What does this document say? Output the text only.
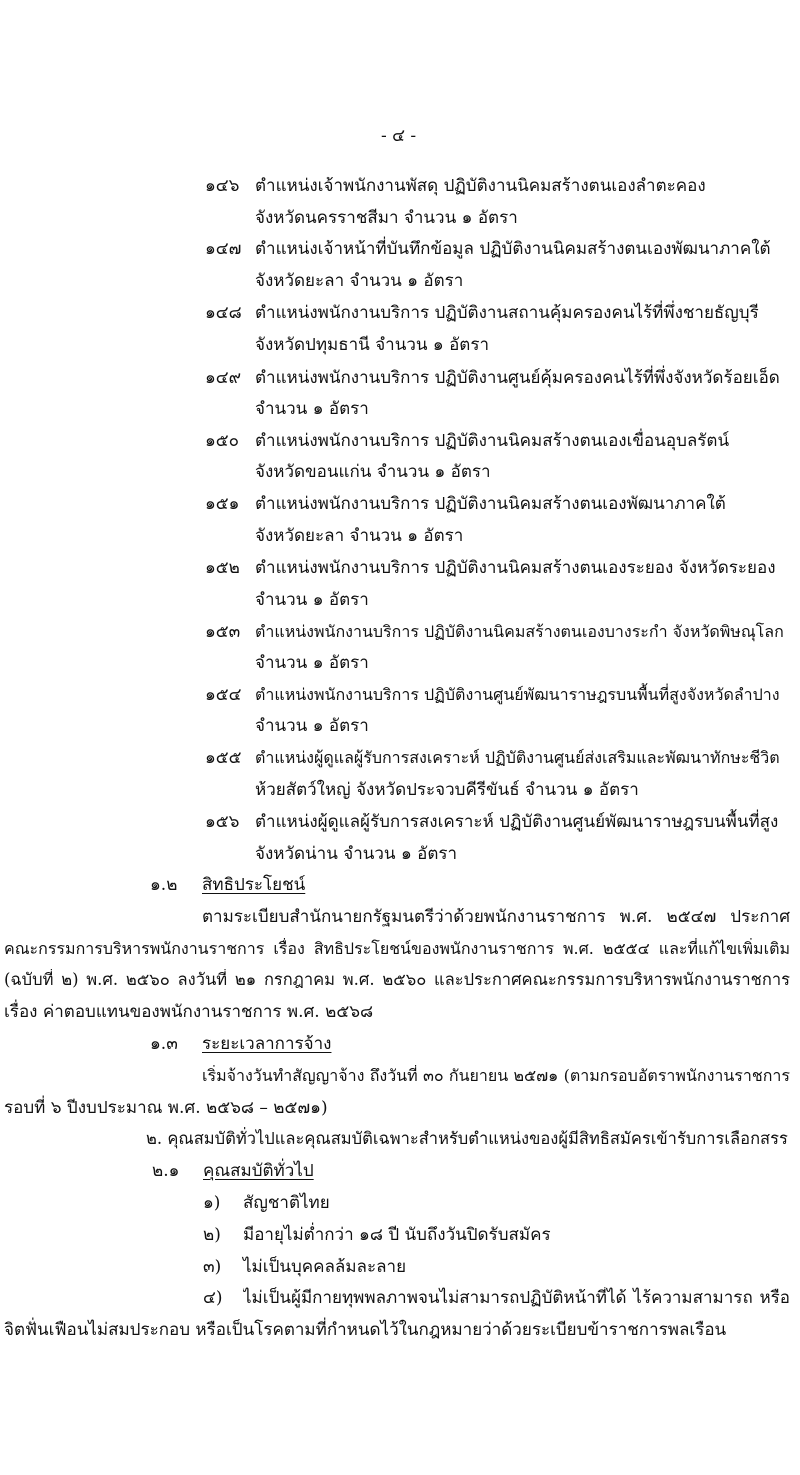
- ๔ -
๑๔๖ ตำแหน่งเจ้าพนักงานพัสดุ ปฏิบัติงานนิคมสร้างตนเองลำตะคอง
จังหวัดนครราชสีมา จำนวน ๑ อัตรา
๑๔๗ ตำแหน่งเจ้าหน้าที่บันทึกข้อมูล ปฏิบัติงานนิคมสร้างตนเองพัฒนาภาคใต้
จังหวัดยะลา จำนวน ๑ อัตรา
๑๔๘ ตำแหน่งพนักงานบริการ ปฏิบัติงานสถานคุ้มครองคนไร้ที่พึ่งชายธัญบุรี
จังหวัดปทุมธานี จำนวน ๑ อัตรา
๑๔๙ ตำแหน่งพนักงานบริการ ปฏิบัติงานศูนย์คุ้มครองคนไร้ที่พึ่งจังหวัดร้อยเอ็ด
จำนวน ๑ อัตรา
๑๕๐ ตำแหน่งพนักงานบริการ ปฏิบัติงานนิคมสร้างตนเองเขื่อนอุบลรัตน์
จังหวัดขอนแก่น จำนวน ๑ อัตรา
๑๕๑ ตำแหน่งพนักงานบริการ ปฏิบัติงานนิคมสร้างตนเองพัฒนาภาคใต้
จังหวัดยะลา จำนวน ๑ อัตรา
๑๕๒ ตำแหน่งพนักงานบริการ ปฏิบัติงานนิคมสร้างตนเองระยอง จังหวัดระยอง
จำนวน ๑ อัตรา
๑๕๓ ตำแหน่งพนักงานบริการ ปฏิบัติงานนิคมสร้างตนเองบางระกำ จังหวัดพิษณุโลก
จำนวน ๑ อัตรา
๑๕๔ ตำแหน่งพนักงานบริการ ปฏิบัติงานศูนย์พัฒนาราษฎรบนพื้นที่สูงจังหวัดลำปาง
จำนวน ๑ อัตรา
๑๕๕ ตำแหน่งผู้ดูแลผู้รับการสงเคราะห์ ปฏิบัติงานศูนย์ส่งเสริมและพัฒนาทักษะชีวิต
ห้วยสัตว์ใหญ่ จังหวัดประจวบคีรีขันธ์ จำนวน ๑ อัตรา
๑๕๖ ตำแหน่งผู้ดูแลผู้รับการสงเคราะห์ ปฏิบัติงานศูนย์พัฒนาราษฎรบนพื้นที่สูง
จังหวัดน่าน จำนวน ๑ อัตรา
๑.๒ สิทธิประโยชน์
ตามระเบียบสำนักนายกรัฐมนตรีว่าด้วยพนักงานราชการ พ.ศ. ๒๕๔๗ ประกาศ
คณะกรรมการบริหารพนักงานราชการ เรื่อง สิทธิประโยชน์ของพนักงานราชการ พ.ศ. ๒๕๕๔ และที่แก้ไขเพิ่มเติม
(ฉบับที่ ๒) พ.ศ. ๒๕๖๐ ลงวันที่ ๒๑ กรกฎาคม พ.ศ. ๒๕๖๐ และประกาศคณะกรรมการบริหารพนักงานราชการ
เรื่อง ค่าตอบแทนของพนักงานราชการ พ.ศ. ๒๕๖๘
๑.๓ ระยะเวลาการจ้าง
เริ่มจ้างวันทำสัญญาจ้าง ถึงวันที่ ๓๐ กันยายน ๒๕๗๑ (ตามกรอบอัตราพนักงานราชการ
รอบที่ ๖ ปีงบประมาณ พ.ศ. ๒๕๖๘ – ๒๕๗๑)
๒. คุณสมบัติทั่วไปและคุณสมบัติเฉพาะสำหรับตำแหน่งของผู้มีสิทธิสมัครเข้ารับการเลือกสรร
๒.๑ คุณสมบัติทั่วไป
๑) สัญชาติไทย
๒) มีอายุไม่ต่ำกว่า ๑๘ ปี นับถึงวันปิดรับสมัคร
๓) ไม่เป็นบุคคลล้มละลาย
๔) ไม่เป็นผู้มีกายทุพพลภาพจนไม่สามารถปฏิบัติหน้าที่ได้ ไร้ความสามารถ หรือ
จิตฟั่นเฟือนไม่สมประกอบ หรือเป็นโรคตามที่กำหนดไว้ในกฎหมายว่าด้วยระเบียบข้าราชการพลเรือน
